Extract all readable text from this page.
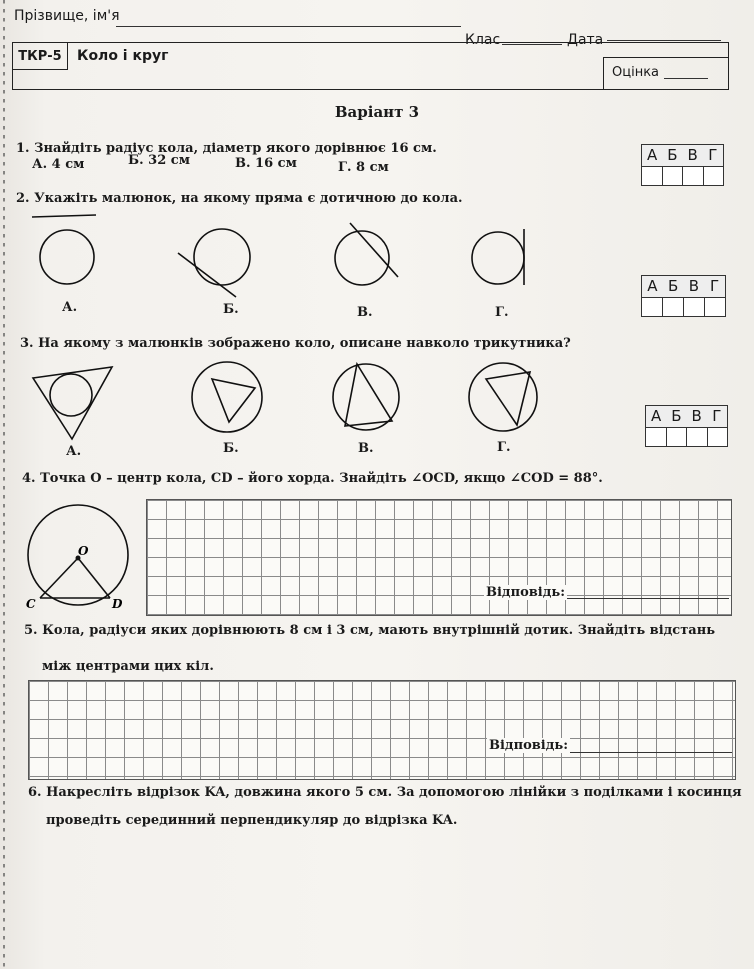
Прізвище, ім'я
Клас	Дата
ТКР-5	Коло і круг
Оцінка
Варіант 3
1. Знайдіть радіус кола, діаметр якого дорівнює 16 см.
А. 4 см	Б. 32 см	В. 16 см	Г. 8 см
А Б В Г
2. Укажіть малюнок, на якому пряма є дотичною до кола.
А.	Б.	В.	Г.
А Б В Г
3. На якому з малюнків зображено коло, описане навколо трикутника?
А.	Б.	В.	Г.
А Б В Г
4. Точка O – центр кола, CD – його хорда. Знайдіть ∠OCD, якщо ∠COD = 88°.
O
C	D
Відповідь:
5. Кола, радіуси яких дорівнюють 8 см і 3 см, мають внутрішній дотик. Знайдіть відстань
між центрами цих кіл.
Відповідь:
6. Накресліть відрізок KA, довжина якого 5 см. За допомогою лінійки з поділками і косинця
проведіть серединний перпендикуляр до відрізка KA.
